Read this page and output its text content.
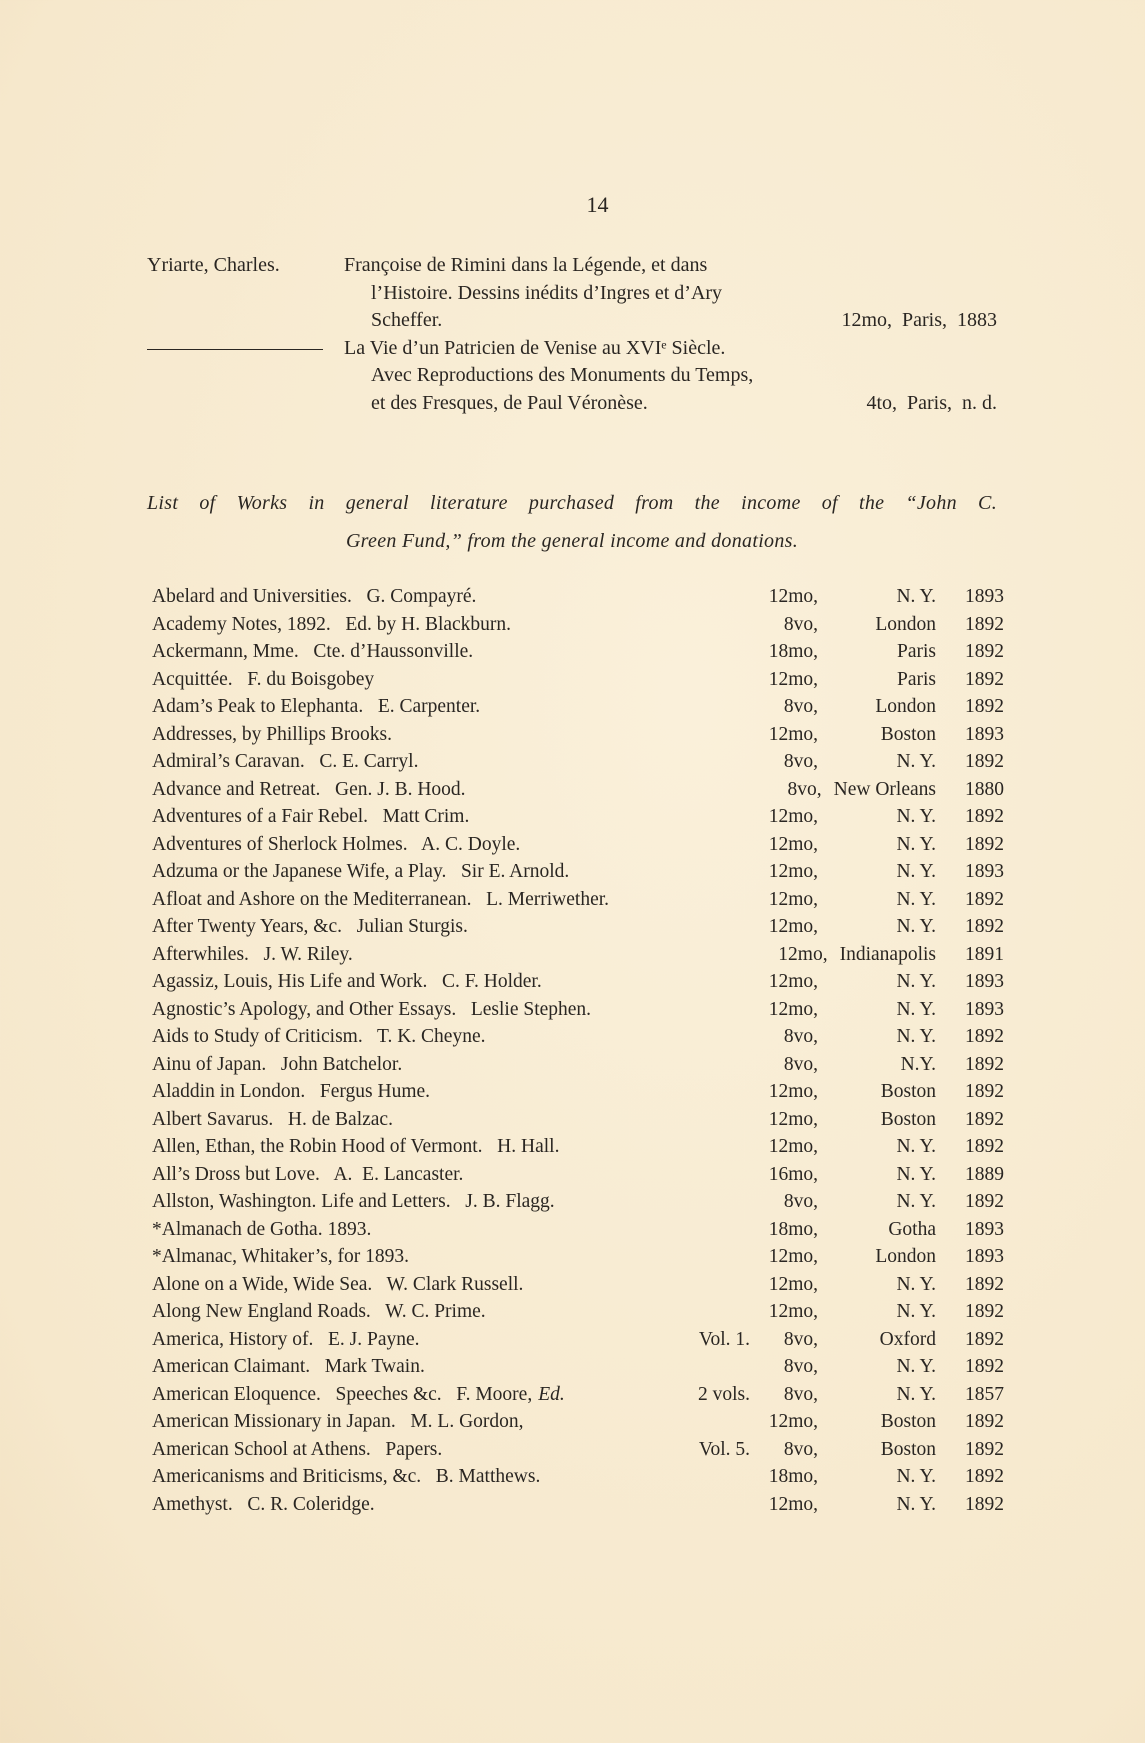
14
Yriarte, Charles.	Françoise de Rimini dans la Légende, et dans
l’Histoire. Dessins inédits d’Ingres et d’Ary
Scheffer.	12mo,  Paris,  1883
La Vie d’un Patricien de Venise au XVIᵉ Siècle.
Avec Reproductions des Monuments du Temps,
et des Fresques, de Paul Véronèse.	4to,  Paris,  n. d.
List of Works in general literature purchased from the income of the “John C.
Green Fund,” from the general income and donations.
Abelard and Universities.   G. Compayré.	12mo,	N. Y.	1893
Academy Notes, 1892.   Ed. by H. Blackburn.	8vo,	London	1892
Ackermann, Mme.   Cte. d’Haussonville.	18mo,	Paris	1892
Acquittée.   F. du Boisgobey	12mo,	Paris	1892
Adam’s Peak to Elephanta.   E. Carpenter.	8vo,	London	1892
Addresses, by Phillips Brooks.	12mo,	Boston	1893
Admiral’s Caravan.   C. E. Carryl.	8vo,	N. Y.	1892
Advance and Retreat.   Gen. J. B. Hood.	8vo, New Orleans	1880
Adventures of a Fair Rebel.   Matt Crim.	12mo,	N. Y.	1892
Adventures of Sherlock Holmes.   A. C. Doyle.	12mo,	N. Y.	1892
Adzuma or the Japanese Wife, a Play.   Sir E. Arnold.	12mo,	N. Y.	1893
Afloat and Ashore on the Mediterranean.   L. Merriwether.	12mo,	N. Y.	1892
After Twenty Years, &c.   Julian Sturgis.	12mo,	N. Y.	1892
Afterwhiles.   J. W. Riley.	12mo, Indianapolis	1891
Agassiz, Louis, His Life and Work.   C. F. Holder.	12mo,	N. Y.	1893
Agnostic’s Apology, and Other Essays.   Leslie Stephen.	12mo,	N. Y.	1893
Aids to Study of Criticism.   T. K. Cheyne.	8vo,	N. Y.	1892
Ainu of Japan.   John Batchelor.	8vo,	N.Y.	1892
Aladdin in London.   Fergus Hume.	12mo,	Boston	1892
Albert Savarus.   H. de Balzac.	12mo,	Boston	1892
Allen, Ethan, the Robin Hood of Vermont.   H. Hall.	12mo,	N. Y.	1892
All’s Dross but Love.   A.  E. Lancaster.	16mo,	N. Y.	1889
Allston, Washington. Life and Letters.   J. B. Flagg.	8vo,	N. Y.	1892
*Almanach de Gotha. 1893.	18mo,	Gotha	1893
*Almanac, Whitaker’s, for 1893.	12mo,	London	1893
Alone on a Wide, Wide Sea.   W. Clark Russell.	12mo,	N. Y.	1892
Along New England Roads.   W. C. Prime.	12mo,	N. Y.	1892
America, History of.   E. J. Payne.	Vol. 1.	8vo,	Oxford	1892
American Claimant.   Mark Twain.	8vo,	N. Y.	1892
American Eloquence.   Speeches &c.   F. Moore, Ed.	2 vols.	8vo,	N. Y.	1857
American Missionary in Japan.   M. L. Gordon,	12mo,	Boston	1892
American School at Athens.   Papers.	Vol. 5.	8vo,	Boston	1892
Americanisms and Briticisms, &c.   B. Matthews.	18mo,	N. Y.	1892
Amethyst.   C. R. Coleridge.	12mo,	N. Y.	1892
